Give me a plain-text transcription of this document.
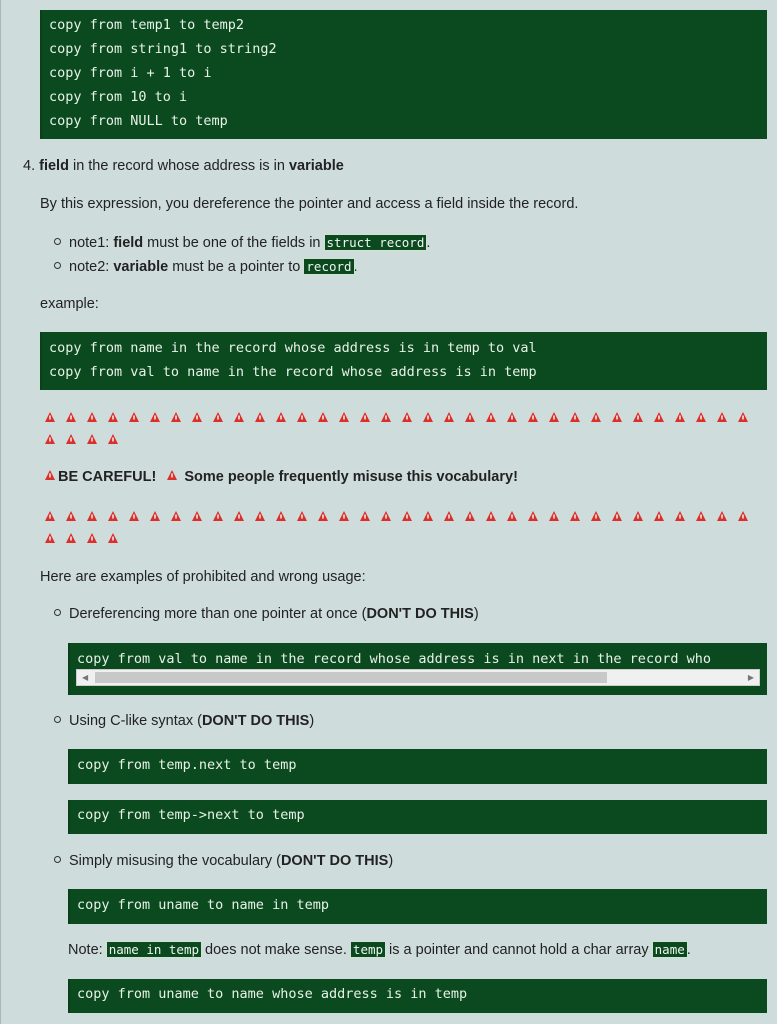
copy from temp1 to temp2
copy from string1 to string2
copy from i + 1 to i
copy from 10 to i
copy from NULL to temp
4. field in the record whose address is in variable
By this expression, you dereference the pointer and access a field inside the record.
note1: field must be one of the fields in struct record .
note2: variable must be a pointer to record .
example:
copy from name in the record whose address is in temp to val
copy from val to name in the record whose address is in temp
BE CAREFUL! Some people frequently misuse this vocabulary!
Here are examples of prohibited and wrong usage:
Dereferencing more than one pointer at once (DON'T DO THIS)
copy from val to name in the record whose address is in next in the record who
◀	▶
Using C-like syntax (DON'T DO THIS)
copy from temp.next to temp
copy from temp->next to temp
Simply misusing the vocabulary (DON'T DO THIS)
copy from uname to name in temp
Note: name in temp does not make sense. temp is a pointer and cannot hold a char array name .
copy from uname to name whose address is in temp
